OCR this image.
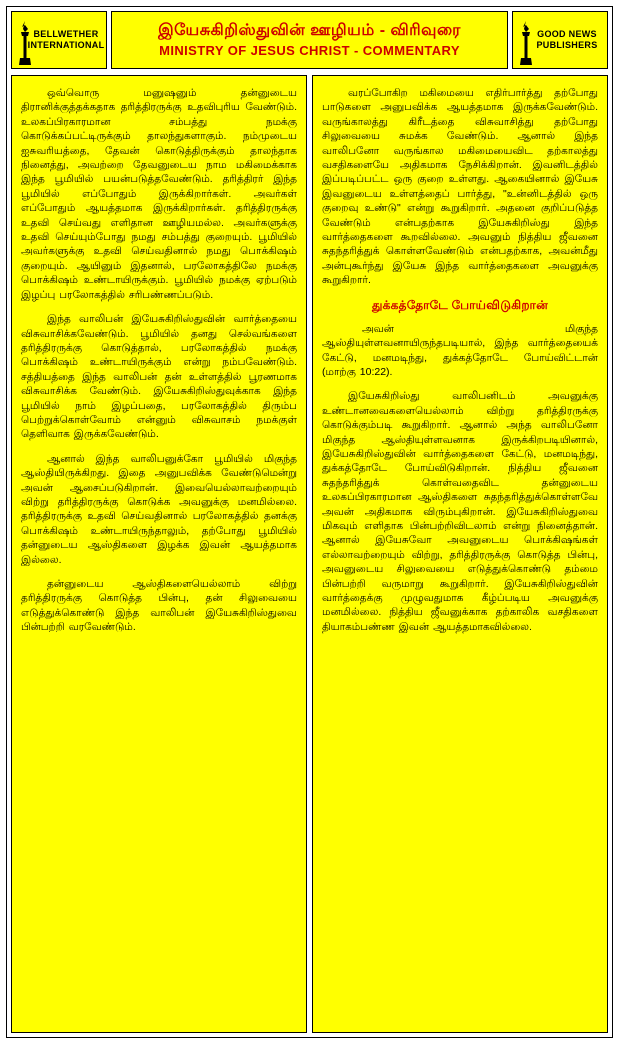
BELLWETHER
INTERNATIONAL
இயேசுகிறிஸ்துவின் ஊழியம் - விரிவுரை
MINISTRY OF JESUS CHRIST - COMMENTARY
GOOD NEWS
PUBLISHERS

ஒவ்வொரு மனுஷனும் தன்னுடைய திரானிக்குத்தக்கதாக தரித்திரருக்கு உதவிபுரிய வேண்டும். உலகப்பிரகாரமான சம்பத்து நமக்கு கொடுக்கப்பட்டிருக்கும் தாலந்துகளாகும். நம்முடைய ஐசுவரியத்தை, தேவன் கொடுத்திருக்கும் தாலந்தாக நினைத்து, அவற்றை தேவனுடைய நாம மகிமைக்காக இந்த பூமியில் பயன்படுத்தவேண்டும். தரித்திரர் இந்த பூமியில் எப்போதும் இருக்கிறார்கள். அவர்கள் எப்போதும் ஆயத்தமாக இருக்கிறார்கள். தரித்திரருக்கு உதவி செய்வது எளிதான ஊழியமல்ல. அவர்களுக்கு உதவி செய்யும்போது நமது சம்பத்து குறையும். பூமியில் அவர்களுக்கு உதவி செய்வதினால் நமது பொக்கிஷம் குறையும். ஆயினும் இதனால், பரலோகத்திலே நமக்கு பொக்கிஷம் உண்டாயிருக்கும். பூமியில் நமக்கு ஏற்படும் இழப்பு பரலோகத்தில் சரிபண்ணப்படும்.

இந்த வாலிபன் இயேசுகிறிஸ்துவின் வார்த்தையை விசுவாசிக்கவேண்டும். பூமியில் தனது செல்வங்களை தரித்திரருக்கு கொடுத்தால், பரலோகத்தில் நமக்கு பொக்கிஷம் உண்டாயிருக்கும் என்று நம்பவேண்டும். சத்தியத்தை இந்த வாலிபன் தன் உள்ளத்தில் பூரணமாக விசுவாசிக்க வேண்டும். இயேசுகிறிஸ்துவுக்காக இந்த பூமியில் நாம் இழப்பதை, பரலோகத்தில் திரும்ப பெற்றுக்கொள்வோம் என்னும் விசுவாசம் நமக்குள் தெளிவாக இருக்கவேண்டும்.

ஆனால் இந்த வாலிபனுக்கோ பூமியில் மிகுந்த ஆஸ்தியிருக்கிறது. இதை அனுபவிக்க வேண்டுமென்று அவன் ஆசைப்படுகிறான். இவையெல்லாவற்றையும் விற்று தரித்திரருக்கு கொடுக்க அவனுக்கு மனமில்லை. தரித்திரருக்கு உதவி செய்வதினால் பரலோகத்தில் தனக்கு பொக்கிஷம் உண்டாயிருந்தாலும், தற்போது பூமியில் தன்னுடைய ஆஸ்திகளை இழக்க இவன் ஆயத்தமாக இல்லை.

தன்னுடைய ஆஸ்திகளையெல்லாம் விற்று தரித்திரருக்கு கொடுத்த பின்பு, தன் சிலுவையை எடுத்துக்கொண்டு இந்த வாலிபன் இயேசுகிறிஸ்துவை பின்பற்றி வரவேண்டும்.

வரப்போகிற மகிமையை எதிர்பார்த்து தற்போது பாடுகளை அனுபவிக்க ஆயத்தமாக இருக்கவேண்டும். வருங்காலத்து கிரீடத்தை விசுவாசித்து தற்போது சிலுவையை சுமக்க வேண்டும். ஆனால் இந்த வாலிபனோ வருங்கால மகிமையைவிட தற்காலத்து வசதிகளையே அதிகமாக நேசிக்கிறான். இவனிடத்தில் இப்படிப்பட்ட ஒரு குறை உள்ளது. ஆகையினால் இயேசு இவனுடைய உள்ளத்தைப் பார்த்து, "உன்னிடத்தில் ஒரு குறைவு உண்டு" என்று கூறுகிறார். அதனை குறிப்படுத்த வேண்டும் என்பதற்காக இயேசுகிறிஸ்து இந்த வார்த்தைகளை கூறவில்லை. அவனும் நித்திய ஜீவனை சுதந்தரித்துக் கொள்ளவேண்டும் என்பதற்காக, அவன்மீது அன்புகூர்ந்து இயேசு இந்த வார்த்தைகளை அவனுக்கு கூறுகிறார்.

துக்கத்தோடே போய்விடுகிறான்

அவன் மிகுந்த ஆஸ்தியுள்ளவனாயிருந்தபடியால், இந்த வார்த்தையைக் கேட்டு, மனமடிந்து, துக்கத்தோடே போய்விட்டான் (மாற்கு 10:22).

இயேசுகிறிஸ்து வாலிபனிடம் அவனுக்கு உண்டானவைகளையெல்லாம் விற்று தரித்திரருக்கு கொடுக்கும்படி கூறுகிறார். ஆனால் அந்த வாலிபனோ மிகுந்த ஆஸ்தியுள்ளவனாக இருக்கிறபடியினால், இயேசுகிறிஸ்துவின் வார்த்தைகளை கேட்டு, மனமடிந்து, துக்கத்தோடே போய்விடுகிறான். நித்திய ஜீவனை சுதந்தரித்துக் கொள்வதைவிட தன்னுடைய உலகப்பிரகாரமான ஆஸ்திகளை சுதந்தரித்துக்கொள்ளவே அவன் அதிகமாக விரும்புகிறான். இயேசுகிறிஸ்துவை மிகவும் எளிதாக பின்பற்றிவிடலாம் என்று நினைத்தான். ஆனால் இயேசுவோ அவனுடைய பொக்கிஷங்கள் எல்லாவற்றையும் விற்று, தரித்திரருக்கு கொடுத்த பின்பு, அவனுடைய சிலுவையை எடுத்துக்கொண்டு தம்மை பின்பற்றி வருமாறு கூறுகிறார். இயேசுகிறிஸ்துவின் வார்த்தைக்கு முழுவதுமாக கீழ்ப்படிய அவனுக்கு மனமில்லை. நித்திய ஜீவனுக்காக தற்காலிக வசதிகளை தியாகம்பண்ண இவன் ஆயத்தமாகவில்லை.
